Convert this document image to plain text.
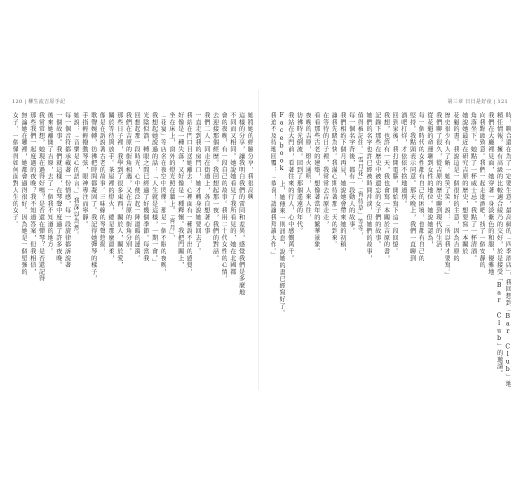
120 | 柳生流吉原手記
她將她的經驗分享，我很高興
這樣的分享，讓我明白我們的雷同和差異，感覺我們是多麼地
不同而又相同。她說她看見了我所看見的，她在北國都
會的夜晚，有一段自己的故事。我用二十代女性的心情，
去迎接那個經歷。我回想起那一夜，我們的對話。
我們二人一同走在街道上，各自想著心事
一直走到我的房門口，她才轉身說她要回去了。
我站在門口目送她離去，心裡面有一種說不出的感覺，
好像是一種失落，又好像是一種釋懷。我把門關上，
坐在床上，窗外的燈光照在牆上。「宵月」、
「花宴」等店名在夜空中閃爍。那是一個不眠的夜晚，
我想起她說過的話：「人生就是這樣，一期一會。」
光陰似箭，轉眼之間已經過了好幾個季節。每當我
回想起那一段時光，心中便泛起一陣溫暖的漣漪。
我們在吉原的街角相遇，又在吉原的街角分別。
那些日子裡，我學到了很多東西，關於人，關於愛，
關於等待與放手。茶屋裡的燈火，總是那麼溫柔，
像是在訴說著古老的故事。三味線的琴聲悠揚，
歌聲婉轉，彷彿把時間都凝固了。我記得她彈琴的樣子，
手指輕輕撥動琴弦，眼神專注而寧靜。
她說：「音樂是心的語言。」我深以為然。
每一個音符都承載著一份情感，每一段旋律都訴說著
一個故事。我們就這樣，在琴聲中度過了許多夜晚。
後來她離開了吉原，去了一個我不知道的地方。
我常常想，她現在過得好嗎？是否還在彈琴？是否還記得
那些我們一起度過的夜晚？我不知道答案，但我相信，
無論她在哪裡，她都會過得很好。因為她是一個堅強的
女子，一個懂得如何面對人生的女子。
第三章 日日是好夜 | 121
時，聊合還在為了一定要生意，最高級的「四季酒店」，我回想到「Bar Club」地
精任情報，擁有高級的比較適合綾乃的交好，於是接受「Bar Club」的邀請。
我們在大廳裡見面，她穿著一身淡紫色的和服，優雅地
向我點頭致意。我們一起走進酒吧，找了一個安靜的
角落坐下。她點了一杯威士忌，我點了一杯清酒。
她說她最近在研究吉原的歷史，想要寫一本關於
花魁的書。我說這是一個很好的主意，因為吉原的
歷史很少有人了解。她笑了笑，說：「所以我才要寫。」
我們聊了很久，從吉原的歷史聊到現代的生活，
從花魁的命運聊到女性的地位。她說她認為，
每一個時代的女性都有自己的困境，也都有自己的
堅持。我點頭表示同意。那天晚上，我們一直聊到
酒吧打烊，才依依不捨地道別。
回到家後，我打開電腦，開始寫下這一段回憶。
我想，也許有一天，我也會寫一本關於吉原的書，
記錄下那些在歷史中被遺忘的女子們的故事。
她們的名字也許已經被時間沖淡，但她們的故事，
值得被記住。「雪月花」、「宵待草」等等，
每一個名字背後，都有一段動人的故事。
我們相約下個月再見，她說她會帶來她的初稿，
讓我先睹為快。我滿心期待著那一天的到來。
在等待的日子裡，我常常去吉原走走，
看看那些古老的建築，想像著當年的繁華景象。
夜晚的吉原，燈火通明，人來人往，
彷彿時光倒流，回到了那個遙遠的年代。
我站在大門前，看著往來的行人，心中感慨萬千。
Facebook 上，她傳來一則訊息，說她的書已經寫好了。
我迫不及待地回覆：「恭喜！請讓我拜讀大作。」
